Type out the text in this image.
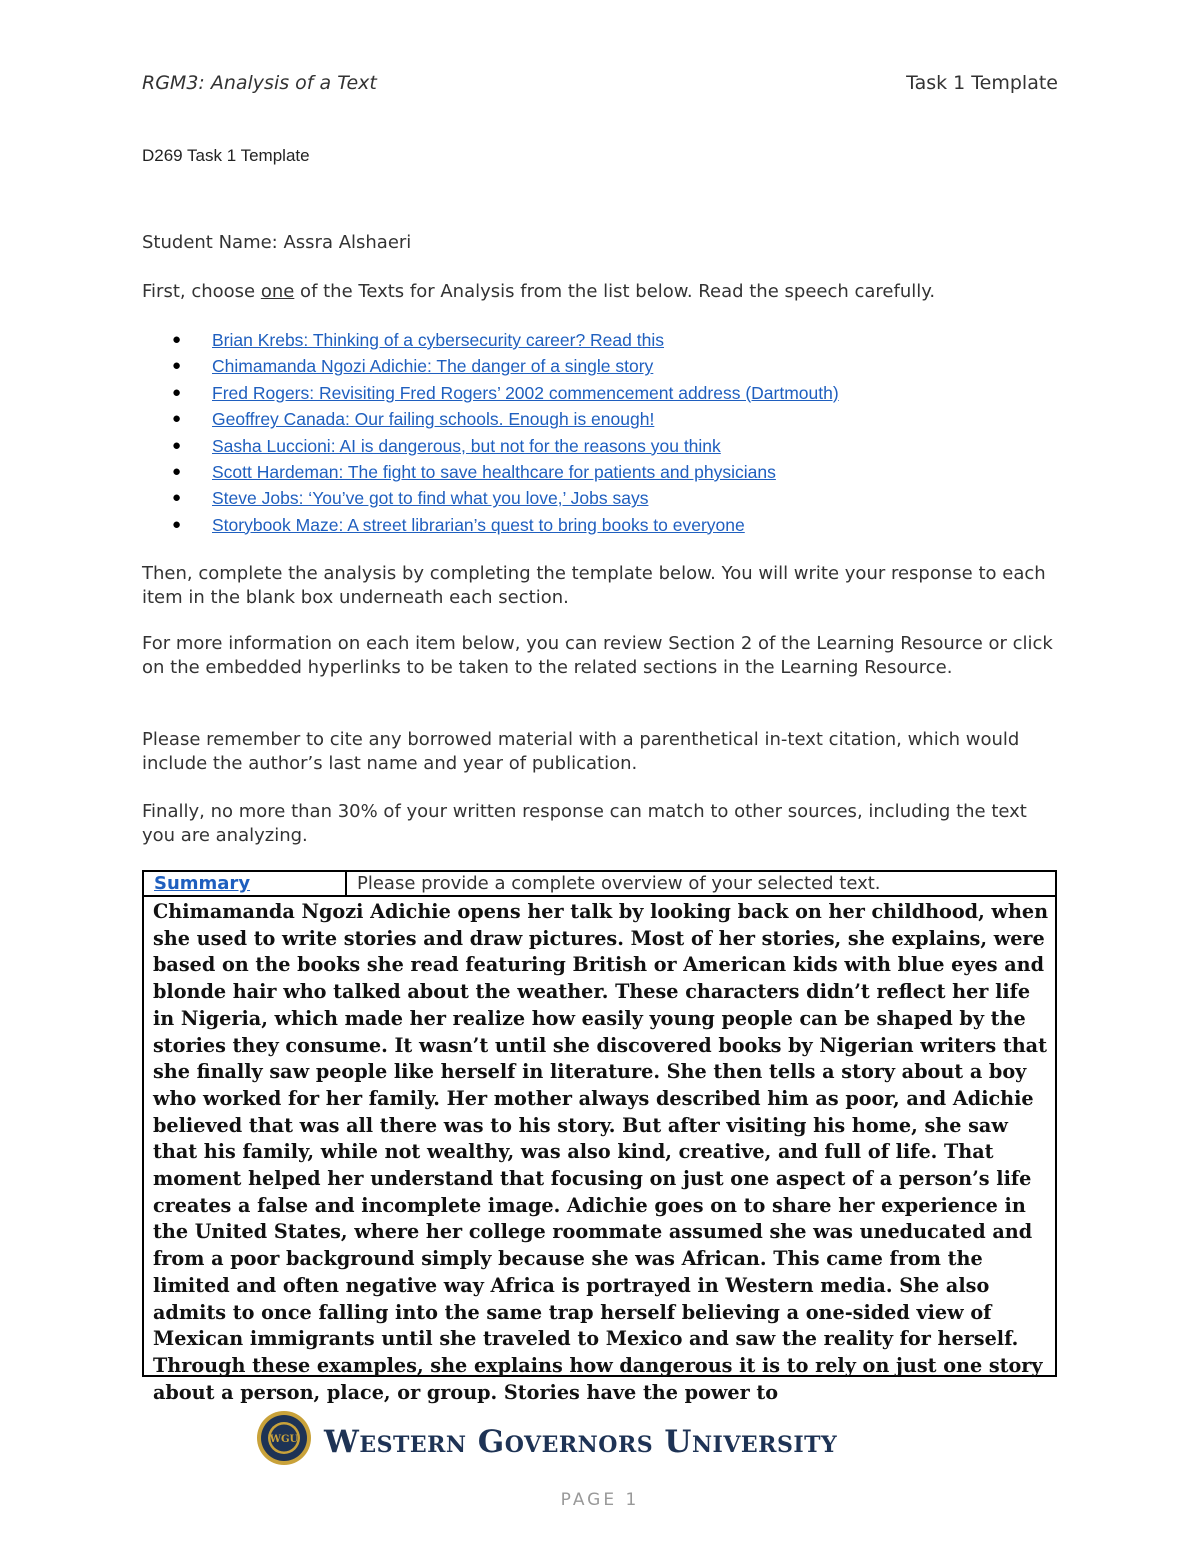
RGM3: Analysis of a Text	Task 1 Template
D269 Task 1 Template
Student Name: Assra Alshaeri
First, choose one of the Texts for Analysis from the list below. Read the speech carefully.
● Brian Krebs: Thinking of a cybersecurity career? Read this
● Chimamanda Ngozi Adichie: The danger of a single story
● Fred Rogers: Revisiting Fred Rogers’ 2002 commencement address (Dartmouth)
● Geoffrey Canada: Our failing schools. Enough is enough!
● Sasha Luccioni: AI is dangerous, but not for the reasons you think
● Scott Hardeman: The fight to save healthcare for patients and physicians
● Steve Jobs: ‘You’ve got to find what you love,’ Jobs says
● Storybook Maze: A street librarian’s quest to bring books to everyone
Then, complete the analysis by completing the template below. You will write your response to each item in the blank box underneath each section.
For more information on each item below, you can review Section 2 of the Learning Resource or click on the embedded hyperlinks to be taken to the related sections in the Learning Resource.
Please remember to cite any borrowed material with a parenthetical in-text citation, which would include the author’s last name and year of publication.
Finally, no more than 30% of your written response can match to other sources, including the text you are analyzing.
Summary	Please provide a complete overview of your selected text.
Chimamanda Ngozi Adichie opens her talk by looking back on her childhood, when she used to write stories and draw pictures. Most of her stories, she explains, were based on the books she read featuring British or American kids with blue eyes and blonde hair who talked about the weather. These characters didn’t reflect her life in Nigeria, which made her realize how easily young people can be shaped by the stories they consume. It wasn’t until she discovered books by Nigerian writers that she finally saw people like herself in literature. She then tells a story about a boy who worked for her family. Her mother always described him as poor, and Adichie believed that was all there was to his story. But after visiting his home, she saw that his family, while not wealthy, was also kind, creative, and full of life. That moment helped her understand that focusing on just one aspect of a person’s life creates a false and incomplete image. Adichie goes on to share her experience in the United States, where her college roommate assumed she was uneducated and from a poor background simply because she was African. This came from the limited and often negative way Africa is portrayed in Western media. She also admits to once falling into the same trap herself believing a one-sided view of Mexican immigrants until she traveled to Mexico and saw the reality for herself. Through these examples, she explains how dangerous it is to rely on just one story about a person, place, or group. Stories have the power to
WGU Western Governors University
PAGE 1
